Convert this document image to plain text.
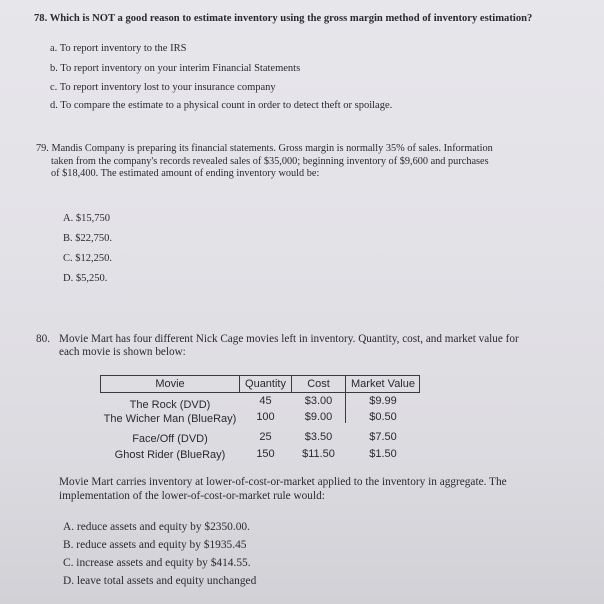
78. Which is NOT a good reason to estimate inventory using the gross margin method of inventory estimation?
a. To report inventory to the IRS
b. To report inventory on your interim Financial Statements
c. To report inventory lost to your insurance company
d. To compare the estimate to a physical count in order to detect theft or spoilage.
79. Mandis Company is preparing its financial statements. Gross margin is normally 35% of sales. Information
taken from the company's records revealed sales of $35,000; beginning inventory of $9,600 and purchases
of $18,400. The estimated amount of ending inventory would be:
A. $15,750
B. $22,750.
C. $12,250.
D. $5,250.
80. Movie Mart has four different Nick Cage movies left in inventory. Quantity, cost, and market value for
each movie is shown below:
Movie	Quantity	Cost	Market Value
The Rock (DVD)	45	$3.00	$9.99
The Wicher Man (BlueRay)	100	$9.00	$0.50
Face/Off (DVD)	25	$3.50	$7.50
Ghost Rider (BlueRay)	150	$11.50	$1.50
Movie Mart carries inventory at lower-of-cost-or-market applied to the inventory in aggregate. The
implementation of the lower-of-cost-or-market rule would:
A. reduce assets and equity by $2350.00.
B. reduce assets and equity by $1935.45
C. increase assets and equity by $414.55.
D. leave total assets and equity unchanged
